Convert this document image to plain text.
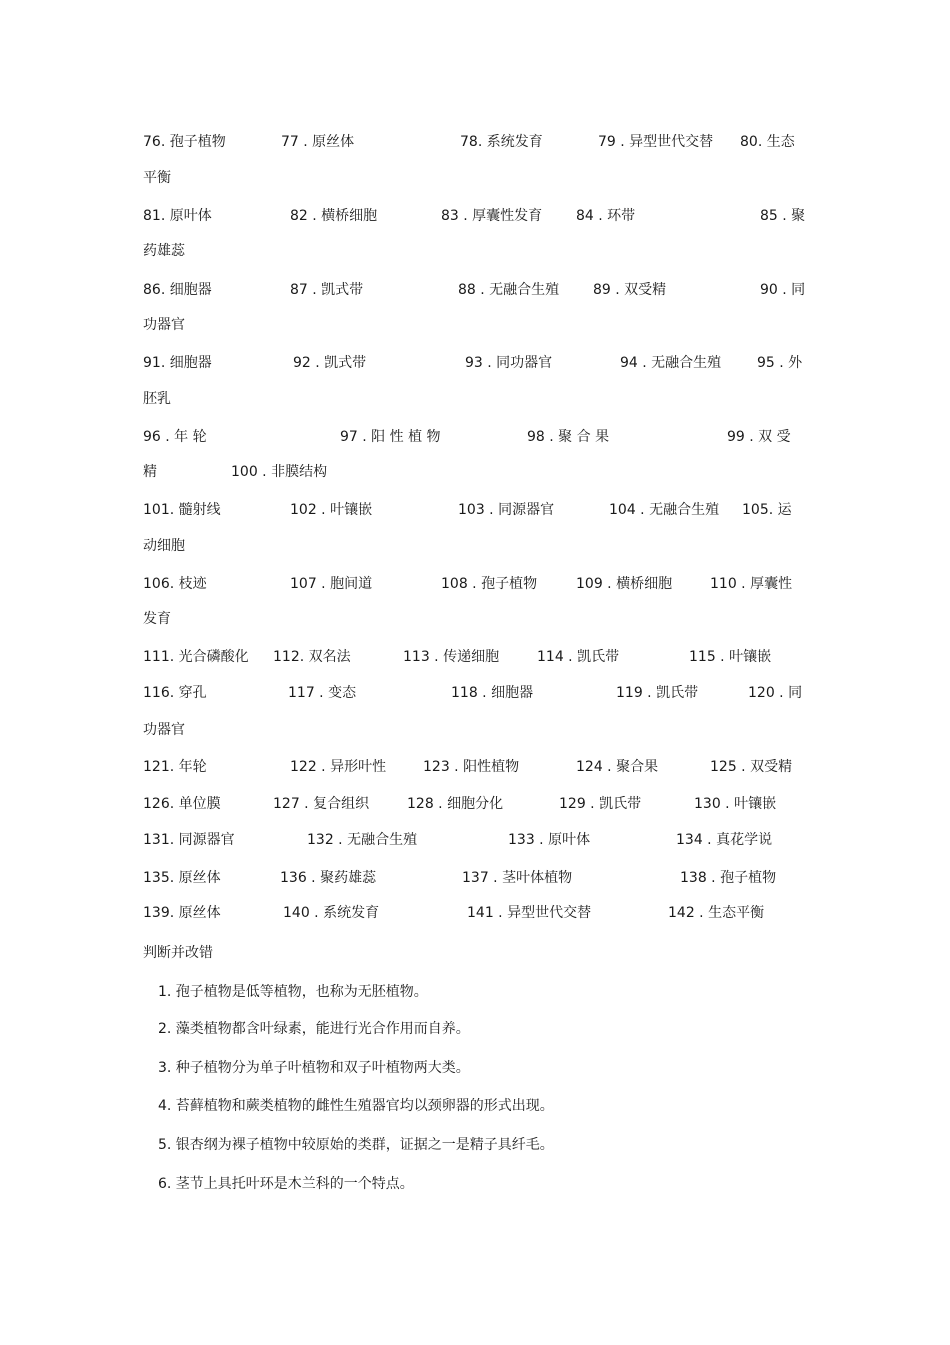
76. 孢子植物	77 . 原丝体	78. 系统发育	79 . 异型世代交替 80. 生态
平衡
81. 原叶体	82 . 横桥细胞	83 . 厚囊性发育 84 . 环带	85 . 聚
药雄蕊
86. 细胞器	87 . 凯式带	88 . 无融合生殖 89 . 双受精	90 . 同
功器官
91. 细胞器	92 . 凯式带	93 . 同功器官	94 . 无融合生殖	95 . 外
胚乳
96 . 年 轮	97 . 阳 性 植 物	98 . 聚 合 果	99 . 双 受
精	100 . 非膜结构
101. 髓射线	102 . 叶镶嵌	103 . 同源器官	104 . 无融合生殖 105. 运
动细胞
106. 枝迹	107 . 胞间道	108 . 孢子植物	109 . 横桥细胞	110 . 厚囊性
发育
111. 光合磷酸化 112. 双名法	113 . 传递细胞	114 . 凯氏带	115 . 叶镶嵌
116. 穿孔	117 . 变态	118 . 细胞器	119 . 凯氏带	120 . 同
功器官
121. 年轮	122 . 异形叶性	123 . 阳性植物	124 . 聚合果	125 . 双受精
126. 单位膜	127 . 复合组织	128 . 细胞分化	129 . 凯氏带	130 . 叶镶嵌
131. 同源器官	132 . 无融合生殖	133 . 原叶体	134 . 真花学说
135. 原丝体	136 . 聚药雄蕊	137 . 茎叶体植物	138 . 孢子植物
139. 原丝体	140 . 系统发育	141 . 异型世代交替	142 . 生态平衡
判断并改错
1. 孢子植物是低等植物，也称为无胚植物。
2. 藻类植物都含叶绿素，能进行光合作用而自养。
3. 种子植物分为单子叶植物和双子叶植物两大类。
4. 苔藓植物和蕨类植物的雌性生殖器官均以颈卵器的形式出现。
5. 银杏纲为裸子植物中较原始的类群，证据之一是精子具纤毛。
6. 茎节上具托叶环是木兰科的一个特点。
